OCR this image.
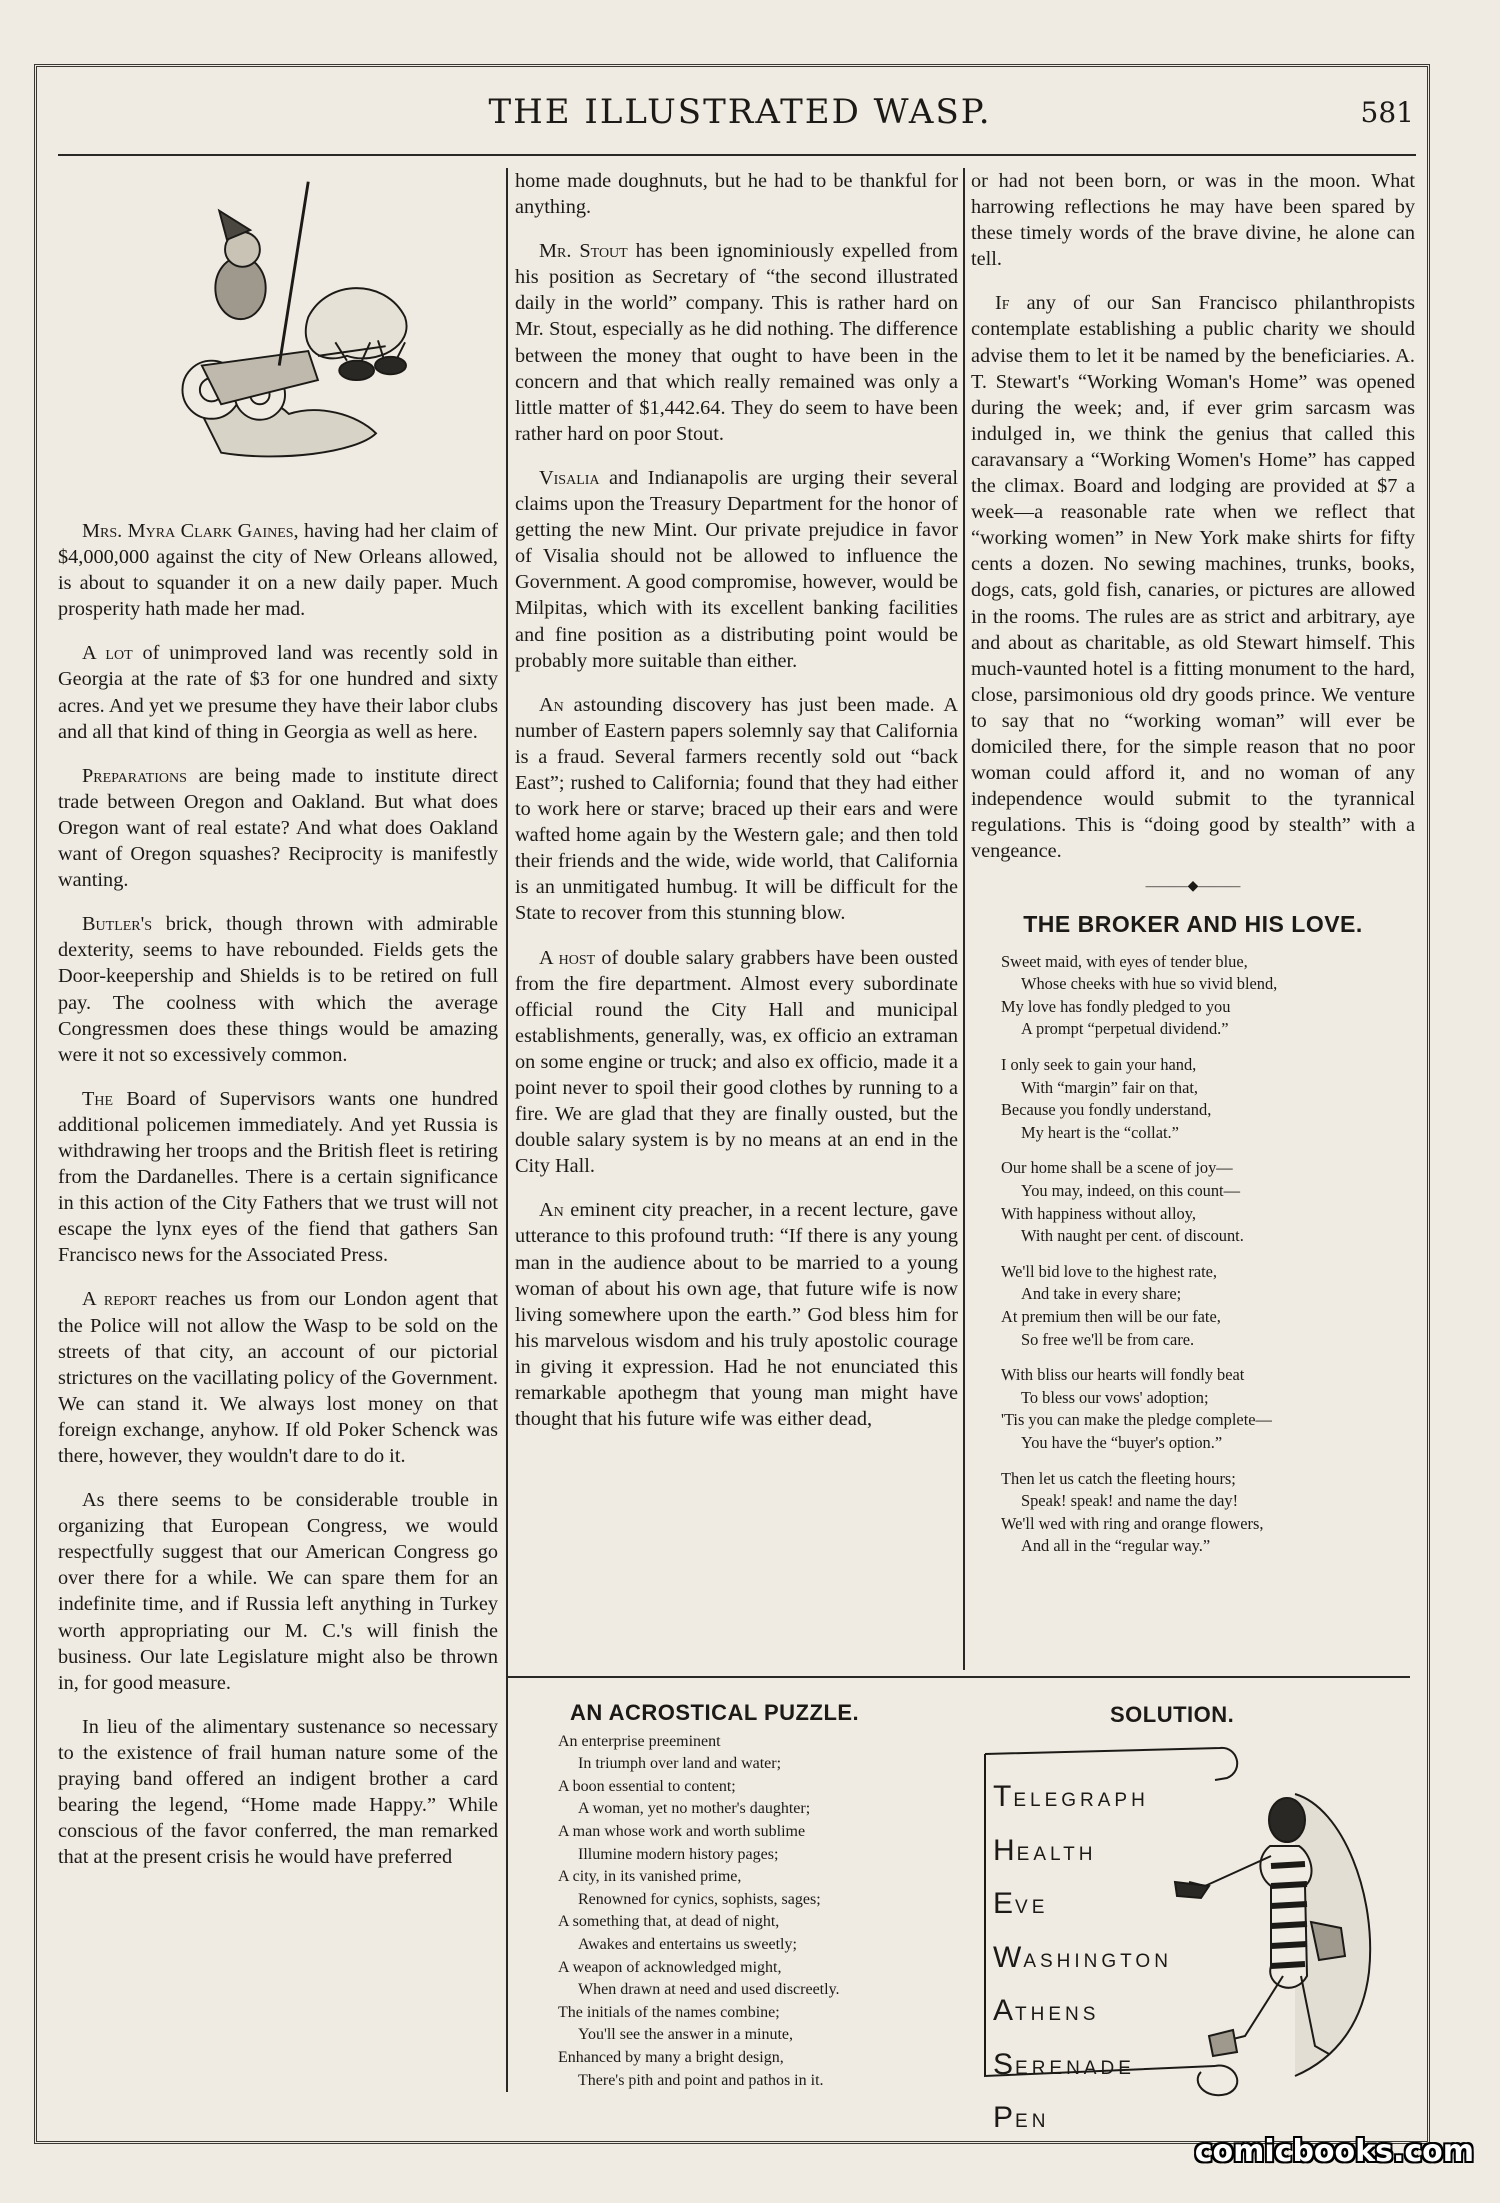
THE ILLUSTRATED WASP.	581

Mrs. Myra Clark Gaines, having had her claim of $4,000,000 against the city of New Orleans allowed, is about to squander it on a new daily paper. Much prosperity hath made her mad.

A lot of unimproved land was recently sold in Georgia at the rate of $3 for one hundred and sixty acres. And yet we presume they have their labor clubs and all that kind of thing in Georgia as well as here.

Preparations are being made to institute direct trade between Oregon and Oakland. But what does Oregon want of real estate? And what does Oakland want of Oregon squashes? Reciprocity is manifestly wanting.

Butler's brick, though thrown with admirable dexterity, seems to have rebounded. Fields gets the Door-keepership and Shields is to be retired on full pay. The coolness with which the average Congressmen does these things would be amazing were it not so excessively common.

The Board of Supervisors wants one hundred additional policemen immediately. And yet Russia is withdrawing her troops and the British fleet is retiring from the Dardanelles. There is a certain significance in this action of the City Fathers that we trust will not escape the lynx eyes of the fiend that gathers San Francisco news for the Associated Press.

A report reaches us from our London agent that the Police will not allow the Wasp to be sold on the streets of that city, an account of our pictorial strictures on the vacillating policy of the Government. We can stand it. We always lost money on that foreign exchange, anyhow. If old Poker Schenck was there, however, they wouldn't dare to do it.

As there seems to be considerable trouble in organizing that European Congress, we would respectfully suggest that our American Congress go over there for a while. We can spare them for an indefinite time, and if Russia left anything in Turkey worth appropriating our M. C.'s will finish the business. Our late Legislature might also be thrown in, for good measure.

In lieu of the alimentary sustenance so necessary to the existence of frail human nature some of the praying band offered an indigent brother a card bearing the legend, “Home made Happy.” While conscious of the favor conferred, the man remarked that at the present crisis he would have preferred

home made doughnuts, but he had to be thankful for anything.

Mr. Stout has been ignominiously expelled from his position as Secretary of “the second illustrated daily in the world” company. This is rather hard on Mr. Stout, especially as he did nothing. The difference between the money that ought to have been in the concern and that which really remained was only a little matter of $1,442.64. They do seem to have been rather hard on poor Stout.

Visalia and Indianapolis are urging their several claims upon the Treasury Department for the honor of getting the new Mint. Our private prejudice in favor of Visalia should not be allowed to influence the Government. A good compromise, however, would be Milpitas, which with its excellent banking facilities and fine position as a distributing point would be probably more suitable than either.

An astounding discovery has just been made. A number of Eastern papers solemnly say that California is a fraud. Several farmers recently sold out “back East”; rushed to California; found that they had either to work here or starve; braced up their ears and were wafted home again by the Western gale; and then told their friends and the wide, wide world, that California is an unmitigated humbug. It will be difficult for the State to recover from this stunning blow.

A host of double salary grabbers have been ousted from the fire department. Almost every subordinate official round the City Hall and municipal establishments, generally, was, ex officio an extraman on some engine or truck; and also ex officio, made it a point never to spoil their good clothes by running to a fire. We are glad that they are finally ousted, but the double salary system is by no means at an end in the City Hall.

An eminent city preacher, in a recent lecture, gave utterance to this profound truth: “If there is any young man in the audience about to be married to a young woman of about his own age, that future wife is now living somewhere upon the earth.” God bless him for his marvelous wisdom and his truly apostolic courage in giving it expression. Had he not enunciated this remarkable apothegm that young man might have thought that his future wife was either dead,

or had not been born, or was in the moon. What harrowing reflections he may have been spared by these timely words of the brave divine, he alone can tell.

If any of our San Francisco philanthropists contemplate establishing a public charity we should advise them to let it be named by the beneficiaries. A. T. Stewart's “Working Woman's Home” was opened during the week; and, if ever grim sarcasm was indulged in, we think the genius that called this caravansary a “Working Women's Home” has capped the climax. Board and lodging are provided at $7 a week—a reasonable rate when we reflect that “working women” in New York make shirts for fifty cents a dozen. No sewing machines, trunks, books, dogs, cats, gold fish, canaries, or pictures are allowed in the rooms. The rules are as strict and arbitrary, aye and about as charitable, as old Stewart himself. This much-vaunted hotel is a fitting monument to the hard, close, parsimonious old dry goods prince. We venture to say that no “working woman” will ever be domiciled there, for the simple reason that no poor woman could afford it, and no woman of any independence would submit to the tyrannical regulations. This is “doing good by stealth” with a vengeance.

―――◆―――
THE BROKER AND HIS LOVE.
Sweet maid, with eyes of tender blue,
Whose cheeks with hue so vivid blend,
My love has fondly pledged to you
A prompt “perpetual dividend.”
I only seek to gain your hand,
With “margin” fair on that,
Because you fondly understand,
My heart is the “collat.”
Our home shall be a scene of joy—
You may, indeed, on this count—
With happiness without alloy,
With naught per cent. of discount.
We'll bid love to the highest rate,
And take in every share;
At premium then will be our fate,
So free we'll be from care.
With bliss our hearts will fondly beat
To bless our vows' adoption;
'Tis you can make the pledge complete—
You have the “buyer's option.”
Then let us catch the fleeting hours;
Speak! speak! and name the day!
We'll wed with ring and orange flowers,
And all in the “regular way.”
AN ACROSTICAL PUZZLE.
An enterprise preeminent
In triumph over land and water;
A boon essential to content;
A woman, yet no mother's daughter;
A man whose work and worth sublime
Illumine modern history pages;
A city, in its vanished prime,
Renowned for cynics, sophists, sages;
A something that, at dead of night,
Awakes and entertains us sweetly;
A weapon of acknowledged might,
When drawn at need and used discreetly.
The initials of the names combine;
You'll see the answer in a minute,
Enhanced by many a bright design,
There's pith and point and pathos in it.
SOLUTION.
TELEGRAPH
HEALTH
EVE
WASHINGTON
ATHENS
SERENADE
PEN
comicbooks.com
